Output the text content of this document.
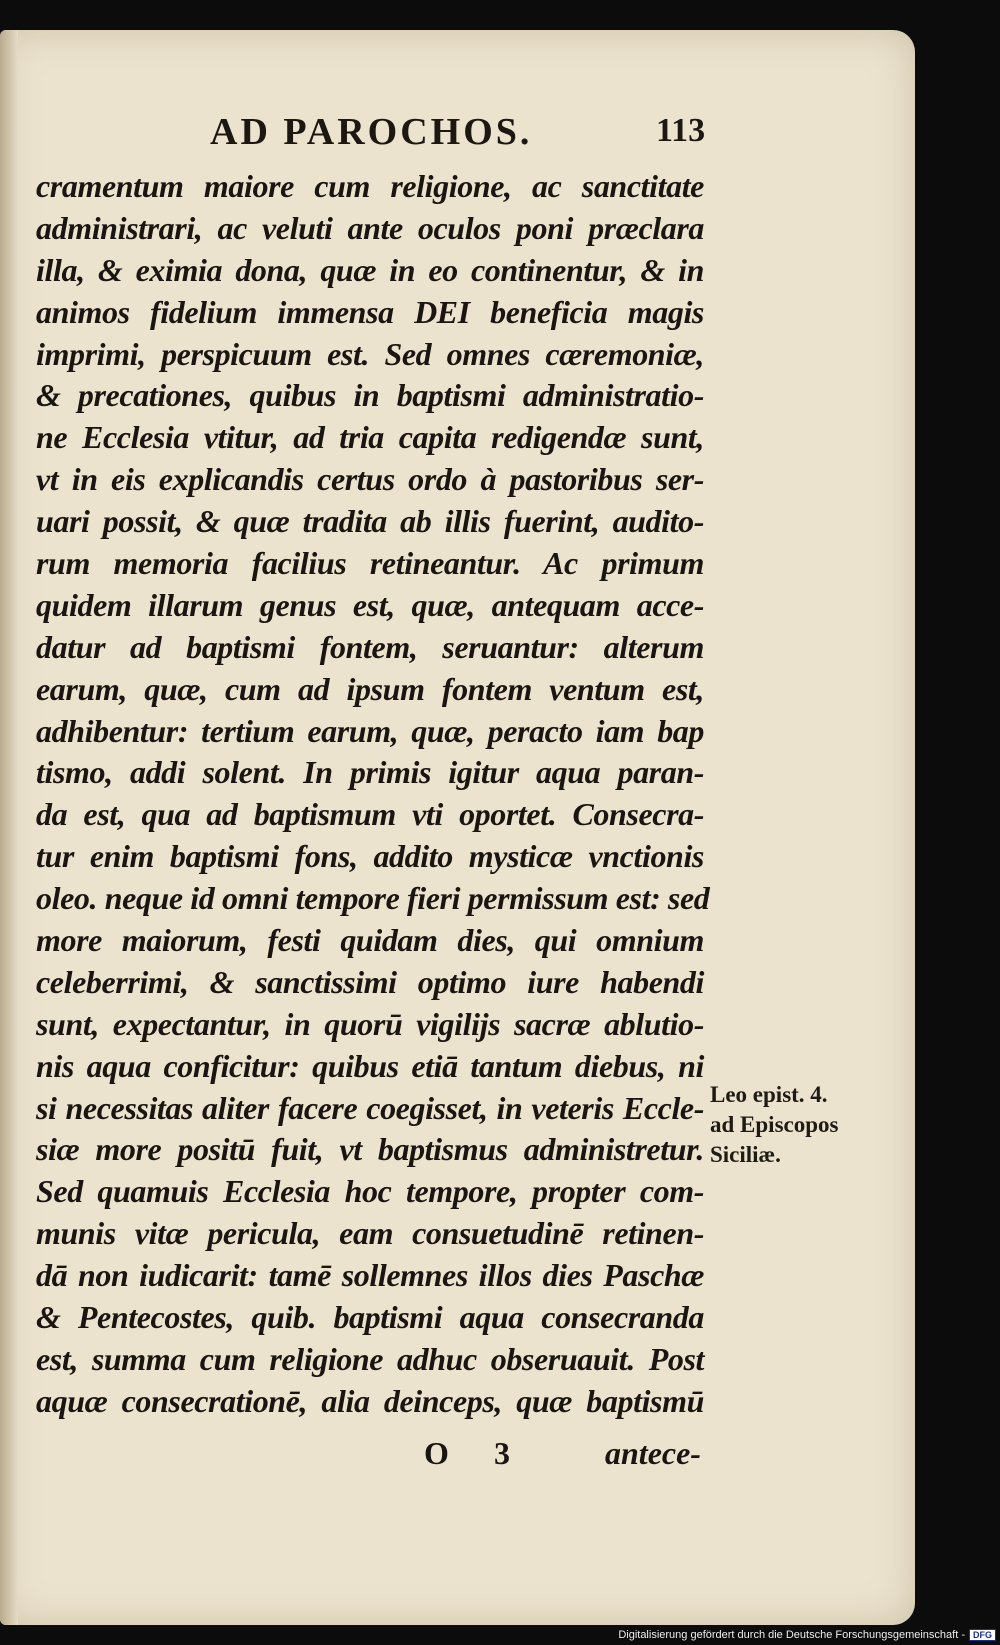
AD PAROCHOS.	113
cramentum maiore cum religione, ac sanctitate
administrari, ac veluti ante oculos poni præclara
illa, & eximia dona, quæ in eo continentur, & in
animos fidelium immensa DEI beneficia magis
imprimi, perspicuum est. Sed omnes cæremoniæ,
& precationes, quibus in baptismi administratio-
ne Ecclesia vtitur, ad tria capita redigendæ sunt,
vt in eis explicandis certus ordo à pastoribus ser-
uari possit, & quæ tradita ab illis fuerint, audito-
rum memoria facilius retineantur. Ac primum
quidem illarum genus est, quæ, antequam acce-
datur ad baptismi fontem, seruantur: alterum
earum, quæ, cum ad ipsum fontem ventum est,
adhibentur: tertium earum, quæ, peracto iam bap
tismo, addi solent. In primis igitur aqua paran-
da est, qua ad baptismum vti oportet. Consecra-
tur enim baptismi fons, addito mysticæ vnctionis
oleo. neque id omni tempore fieri permissum est: sed
more maiorum, festi quidam dies, qui omnium
celeberrimi, & sanctissimi optimo iure habendi
sunt, expectantur, in quorū vigilijs sacræ ablutio-
nis aqua conficitur: quibus etiā tantum diebus, ni
si necessitas aliter facere coegisset, in veteris Eccle-
siæ more positū fuit, vt baptismus administretur.
Sed quamuis Ecclesia hoc tempore, propter com-
munis vitæ pericula, eam consuetudinē retinen-
dā non iudicarit: tamē sollemnes illos dies Paschæ
& Pentecostes, quib. baptismi aqua consecranda
est, summa cum religione adhuc obseruauit. Post
aquæ consecrationē, alia deinceps, quæ baptismū
Leo epist. 4.
ad Episcopos
Siciliæ.
O 3	antece-
Digitalisierung gefördert durch die Deutsche Forschungsgemeinschaft - DFG
